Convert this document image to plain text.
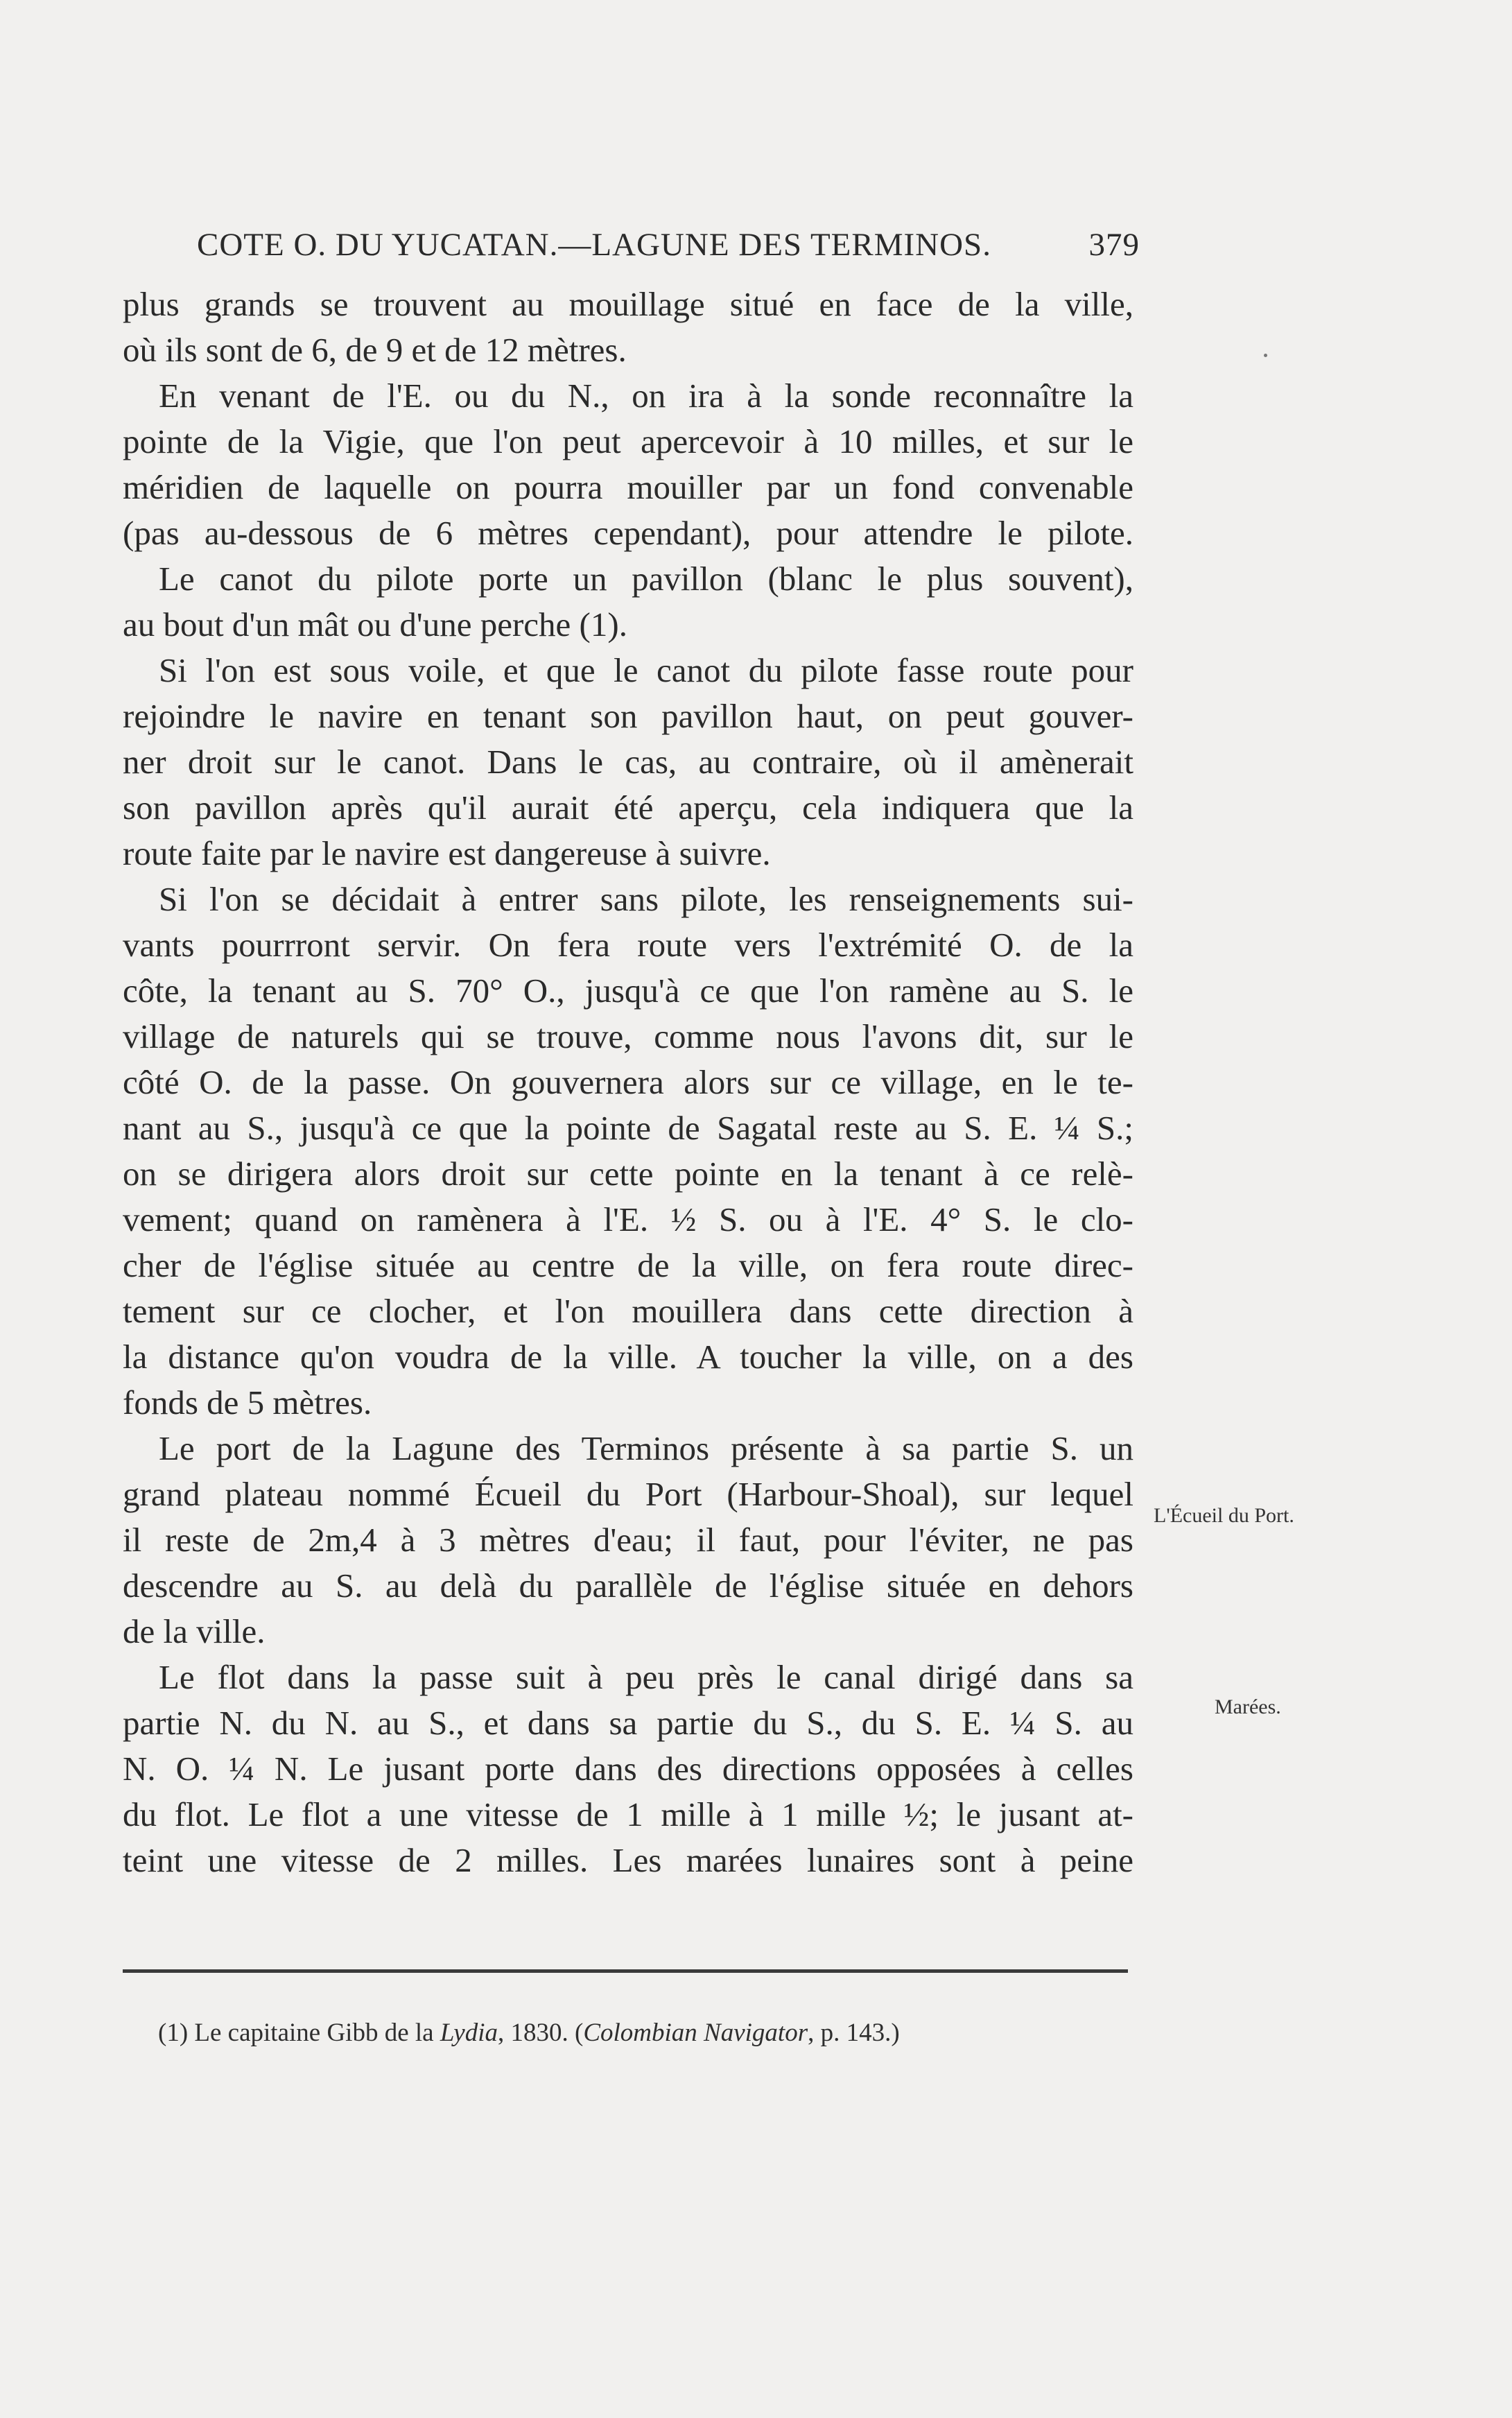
COTE O. DU YUCATAN.—LAGUNE DES TERMINOS.	379
plus grands se trouvent au mouillage situé en face de la ville,
où ils sont de 6, de 9 et de 12 mètres.
En venant de l'E. ou du N., on ira à la sonde reconnaître la
pointe de la Vigie, que l'on peut apercevoir à 10 milles, et sur le
méridien de laquelle on pourra mouiller par un fond convenable
(pas au-dessous de 6 mètres cependant), pour attendre le pilote.
Le canot du pilote porte un pavillon (blanc le plus souvent),
au bout d'un mât ou d'une perche (1).
Si l'on est sous voile, et que le canot du pilote fasse route pour
rejoindre le navire en tenant son pavillon haut, on peut gouver-
ner droit sur le canot. Dans le cas, au contraire, où il amènerait
son pavillon après qu'il aurait été aperçu, cela indiquera que la
route faite par le navire est dangereuse à suivre.
Si l'on se décidait à entrer sans pilote, les renseignements sui-
vants pourrront servir. On fera route vers l'extrémité O. de la
côte, la tenant au S. 70° O., jusqu'à ce que l'on ramène au S. le
village de naturels qui se trouve, comme nous l'avons dit, sur le
côté O. de la passe. On gouvernera alors sur ce village, en le te-
nant au S., jusqu'à ce que la pointe de Sagatal reste au S. E. ¼ S.;
on se dirigera alors droit sur cette pointe en la tenant à ce relè-
vement; quand on ramènera à l'E. ½ S. ou à l'E. 4° S. le clo-
cher de l'église située au centre de la ville, on fera route direc-
tement sur ce clocher, et l'on mouillera dans cette direction à
la distance qu'on voudra de la ville. A toucher la ville, on a des
fonds de 5 mètres.
Le port de la Lagune des Terminos présente à sa partie S. un
grand plateau nommé Écueil du Port (Harbour-Shoal), sur lequel
il reste de 2m,4 à 3 mètres d'eau; il faut, pour l'éviter, ne pas
descendre au S. au delà du parallèle de l'église située en dehors
de la ville.
Le flot dans la passe suit à peu près le canal dirigé dans sa
partie N. du N. au S., et dans sa partie du S., du S. E. ¼ S. au
N. O. ¼ N. Le jusant porte dans des directions opposées à celles
du flot. Le flot a une vitesse de 1 mille à 1 mille ½; le jusant at-
teint une vitesse de 2 milles. Les marées lunaires sont à peine
L'Écueil du Port.
Marées.
(1) Le capitaine Gibb de la Lydia, 1830. (Colombian Navigator, p. 143.)
